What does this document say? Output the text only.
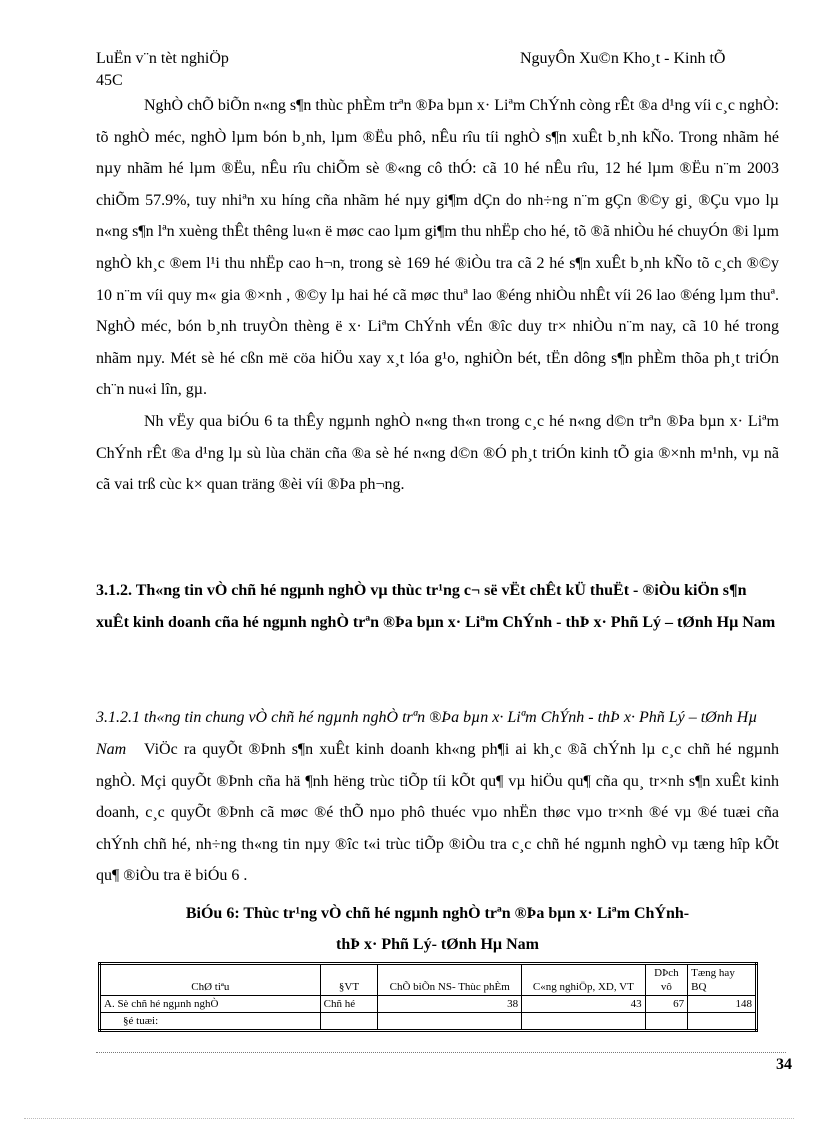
LuËn v¨n tèt nghiÖp
45C
NguyÔn Xu©n Kho¸t - Kinh tÕ

NghÒ chÕ biÕn n«ng s¶n thùc phÈm trªn ®Þa bµn x· Liªm ChÝnh còng rÊt ®a d¹ng víi c¸c nghÒ: tõ nghÒ méc, nghÒ lµm bón b¸nh, lµm ®Ëu phô, nÊu rîu tíi nghÒ s¶n xuÊt b¸nh kÑo. Trong nhãm hé nµy nhãm hé lµm ®Ëu, nÊu rîu chiÕm sè ®«ng cô thÓ: cã 10 hé nÊu rîu, 12 hé lµm ®Ëu n¨m 2003 chiÕm 57.9%, tuy nhiªn xu híng cña nhãm hé nµy gi¶m dÇn do nh÷ng n¨m gÇn ®©y gi¸ ®Çu vµo lµ n«ng s¶n lªn xuèng thÊt thêng lu«n ë møc cao lµm gi¶m thu nhËp cho hé, tõ ®ã nhiÒu hé chuyÓn ®i lµm nghÒ kh¸c ®em l¹i thu nhËp cao h¬n, trong sè 169 hé ®iÒu tra cã 2 hé s¶n xuÊt b¸nh kÑo tõ c¸ch ®©y 10 n¨m víi quy m« gia ®×nh , ®©y lµ hai hé cã møc thuª lao ®éng nhiÒu nhÊt víi 26 lao ®éng lµm thuª. NghÒ méc, bón b¸nh truyÒn thèng ë x· Liªm ChÝnh vÉn ®îc duy tr× nhiÒu n¨m nay, cã 10 hé trong nhãm nµy. Mét sè hé cßn më cöa hiÖu xay x¸t lóa g¹o, nghiÒn bét, tËn dông s¶n phÈm thõa ph¸t triÓn ch¨n nu«i lîn, gµ.

Nh vËy qua biÓu 6 ta thÊy ngµnh nghÒ n«ng th«n trong c¸c hé n«ng d©n trªn ®Þa bµn x· Liªm ChÝnh rÊt ®a d¹ng lµ sù lùa chän cña ®a sè hé n«ng d©n ®Ó ph¸t triÓn kinh tÕ gia ®×nh m¹nh, vµ nã cã vai trß cùc k× quan träng ®èi víi ®Þa ph¬ng.

3.1.2. Th«ng tin vÒ chñ hé ngµnh nghÒ vµ thùc tr¹ng c¬ së vËt chÊt kÜ thuËt - ®iÒu kiÖn s¶n xuÊt kinh doanh cña hé ngµnh nghÒ trªn ®Þa bµn x· Liªm ChÝnh - thÞ x· Phñ Lý – tØnh Hµ Nam
3.1.2.1 th«ng tin chung vÒ chñ hé ngµnh nghÒ trªn ®Þa bµn x· Liªm ChÝnh - thÞ x· Phñ Lý – tØnh Hµ Nam	ViÖc ra quyÕt ®Þnh s¶n xuÊt kinh doanh kh«ng ph¶i ai kh¸c ®ã chÝnh lµ c¸c chñ hé ngµnh nghÒ. Mçi quyÕt ®Þnh cña hä ¶nh hëng trùc tiÕp tíi kÕt qu¶ vµ hiÖu qu¶ cña qu¸ tr×nh s¶n xuÊt kinh doanh, c¸c quyÕt ®Þnh cã møc ®é thÕ nµo phô thuéc vµo nhËn thøc vµo tr×nh ®é vµ ®é tuæi cña chÝnh chñ hé, nh÷ng th«ng tin nµy ®îc t«i trùc tiÕp ®iÒu tra c¸c chñ hé ngµnh nghÒ vµ tæng hîp kÕt qu¶ ®iÒu tra ë biÓu 6 .

BiÓu 6: Thùc tr¹ng vÒ chñ hé ngµnh nghÒ trªn ®Þa bµn x· Liªm ChÝnh-
thÞ x· Phñ Lý- tØnh Hµ Nam
ChØ tiªu	§VT	ChÕ biÕn NS- Thùc phÈm	C«ng nghiÖp, XD, VT	DÞch vô	Tæng hay BQ
A. Sè chñ hé ngµnh nghÒ	Chñ hé	38	43	67	148
§é tuæi:					
34
